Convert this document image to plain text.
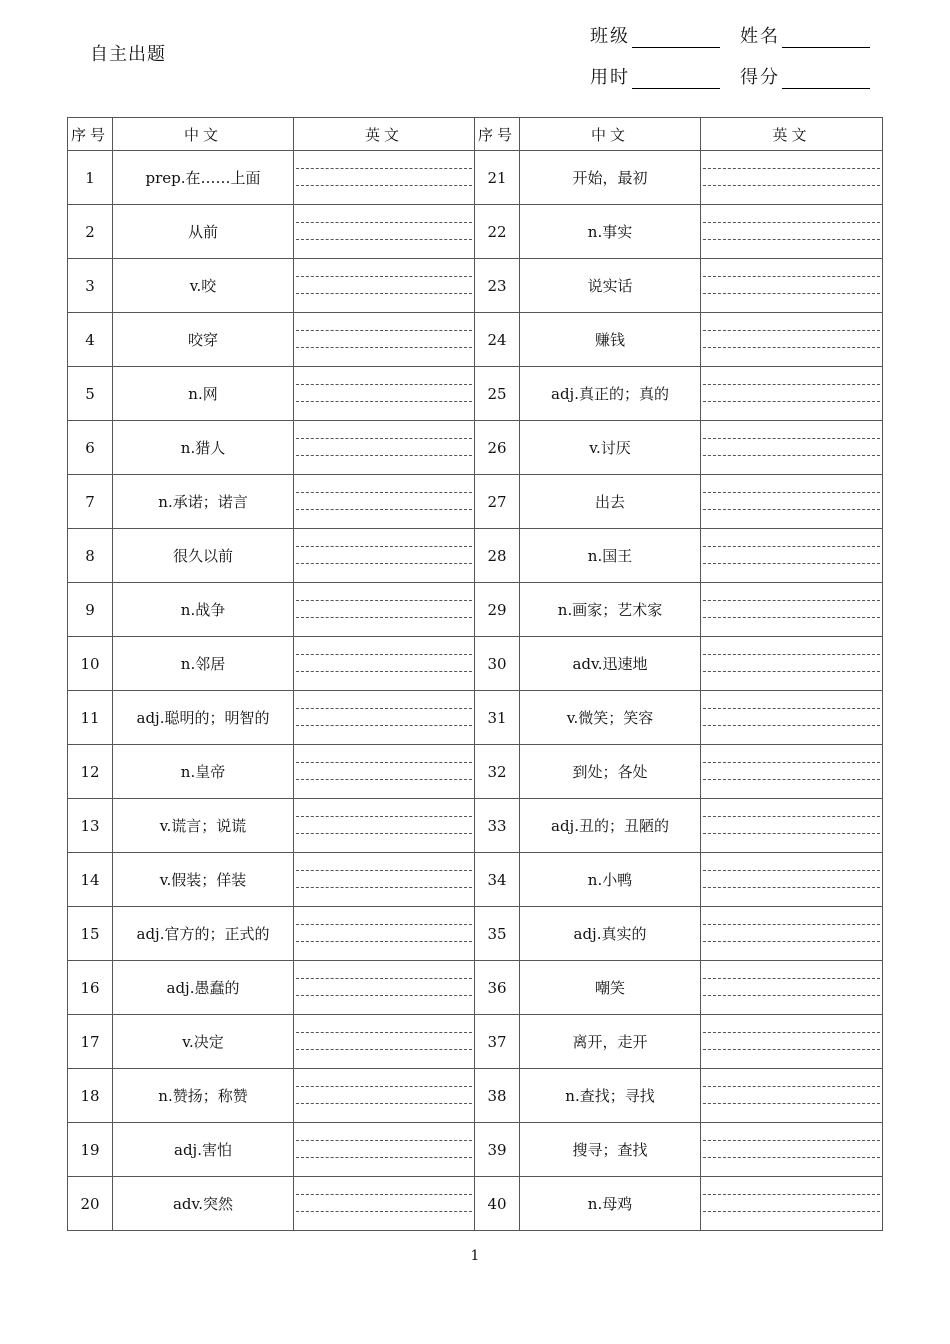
自主出题
班级	姓名
用时	得分
序号	中文	英文	序号	中文	英文
1	prep.在……上面		21	开始，最初	

2	从前		22	n.事实	

3	v.咬		23	说实话	

4	咬穿		24	赚钱	

5	n.网		25	adj.真正的；真的	

6	n.猎人		26	v.讨厌	

7	n.承诺；诺言		27	出去	

8	很久以前		28	n.国王	

9	n.战争		29	n.画家；艺术家	

10	n.邻居		30	adv.迅速地	

11	adj.聪明的；明智的		31	v.微笑；笑容	

12	n.皇帝		32	到处；各处	

13	v.谎言；说谎		33	adj.丑的；丑陋的	

14	v.假装；佯装		34	n.小鸭	

15	adj.官方的；正式的		35	adj.真实的	

16	adj.愚蠢的		36	嘲笑	

17	v.决定		37	离开，走开	

18	n.赞扬；称赞		38	n.查找；寻找	

19	adj.害怕		39	搜寻；查找	

20	adv.突然		40	n.母鸡	
1
